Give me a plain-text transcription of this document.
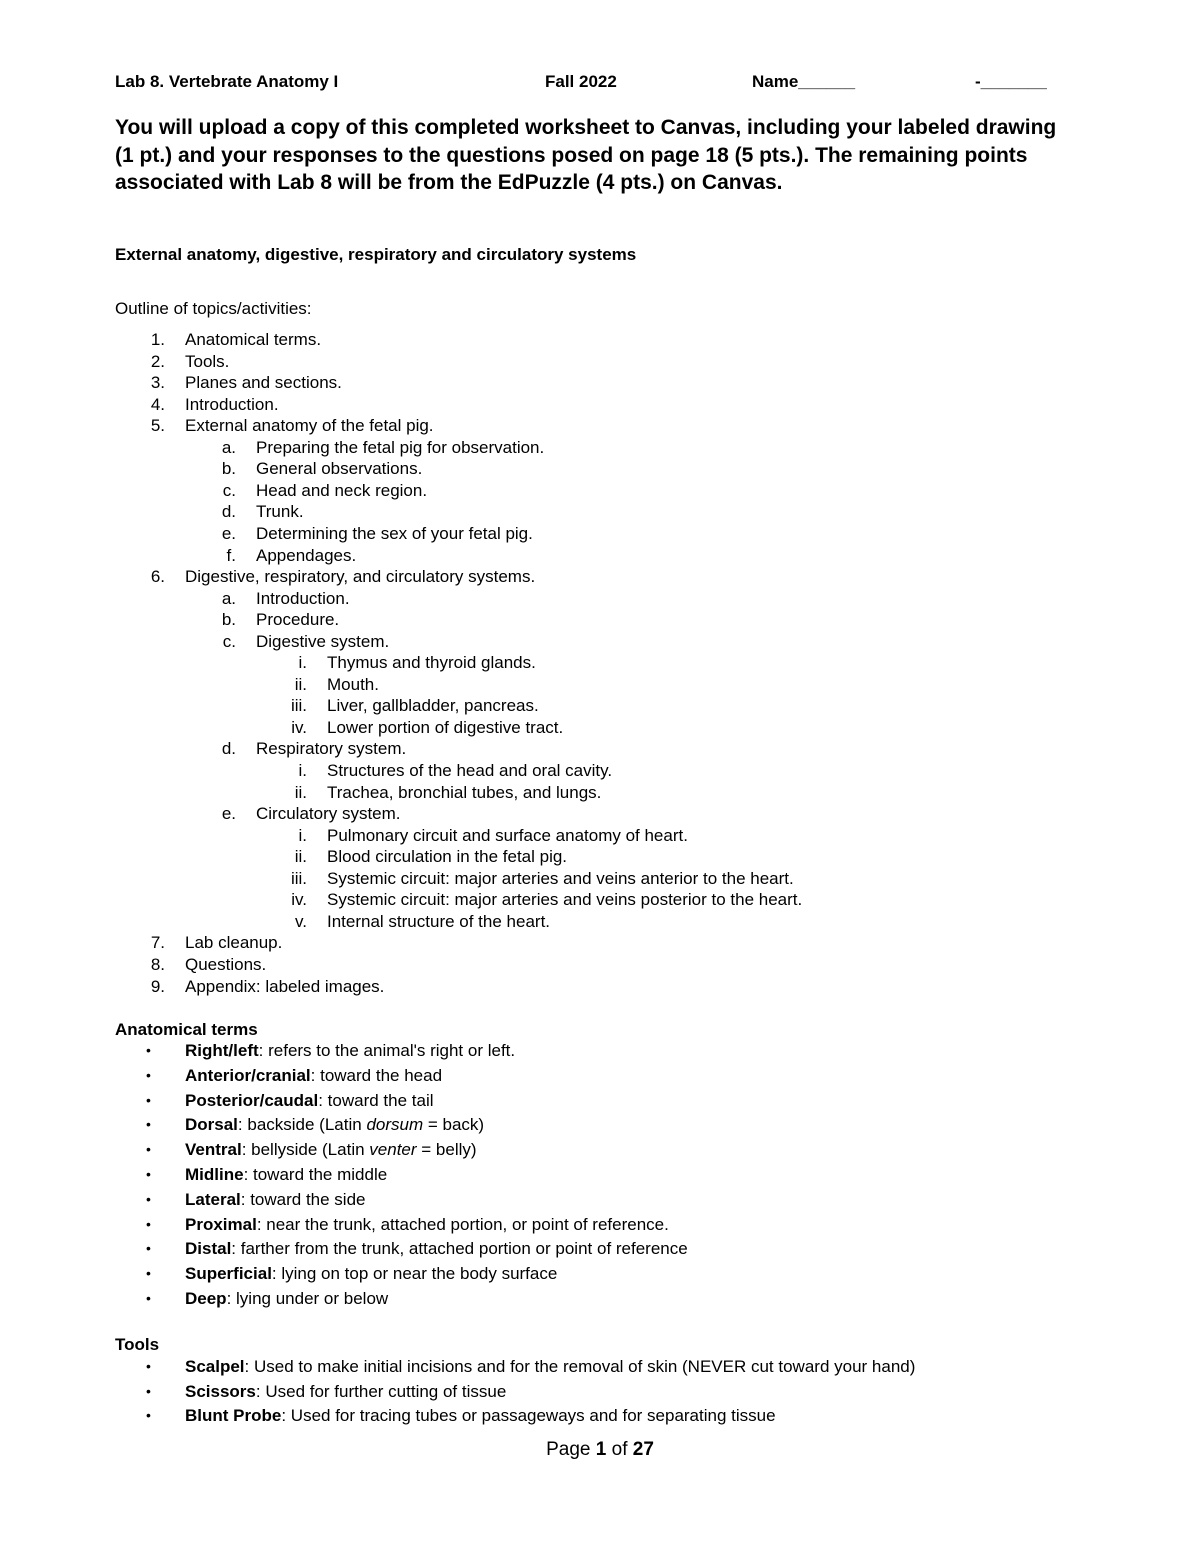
Lab 8. Vertebrate Anatomy I	Fall 2022	Name______	-_______
You will upload a copy of this completed worksheet to Canvas, including your labeled drawing (1 pt.) and your responses to the questions posed on page 18 (5 pts.). The remaining points associated with Lab 8 will be from the EdPuzzle (4 pts.) on Canvas.
External anatomy, digestive, respiratory and circulatory systems
Outline of topics/activities:
1. Anatomical terms.
2. Tools.
3. Planes and sections.
4. Introduction.
5. External anatomy of the fetal pig.
a. Preparing the fetal pig for observation.
b. General observations.
c. Head and neck region.
d. Trunk.
e. Determining the sex of your fetal pig.
f. Appendages.
6. Digestive, respiratory, and circulatory systems.
a. Introduction.
b. Procedure.
c. Digestive system.
i. Thymus and thyroid glands.
ii. Mouth.
iii. Liver, gallbladder, pancreas.
iv. Lower portion of digestive tract.
d. Respiratory system.
i. Structures of the head and oral cavity.
ii. Trachea, bronchial tubes, and lungs.
e. Circulatory system.
i. Pulmonary circuit and surface anatomy of heart.
ii. Blood circulation in the fetal pig.
iii. Systemic circuit: major arteries and veins anterior to the heart.
iv. Systemic circuit: major arteries and veins posterior to the heart.
v. Internal structure of the heart.
7. Lab cleanup.
8. Questions.
9. Appendix: labeled images.
Anatomical terms
• Right/left: refers to the animal's right or left.
• Anterior/cranial: toward the head
• Posterior/caudal: toward the tail
• Dorsal: backside (Latin dorsum = back)
• Ventral: bellyside (Latin venter = belly)
• Midline: toward the middle
• Lateral: toward the side
• Proximal: near the trunk, attached portion, or point of reference.
• Distal: farther from the trunk, attached portion or point of reference
• Superficial: lying on top or near the body surface
• Deep: lying under or below
Tools
• Scalpel: Used to make initial incisions and for the removal of skin (NEVER cut toward your hand)
• Scissors: Used for further cutting of tissue
• Blunt Probe: Used for tracing tubes or passageways and for separating tissue
Page 1 of 27
